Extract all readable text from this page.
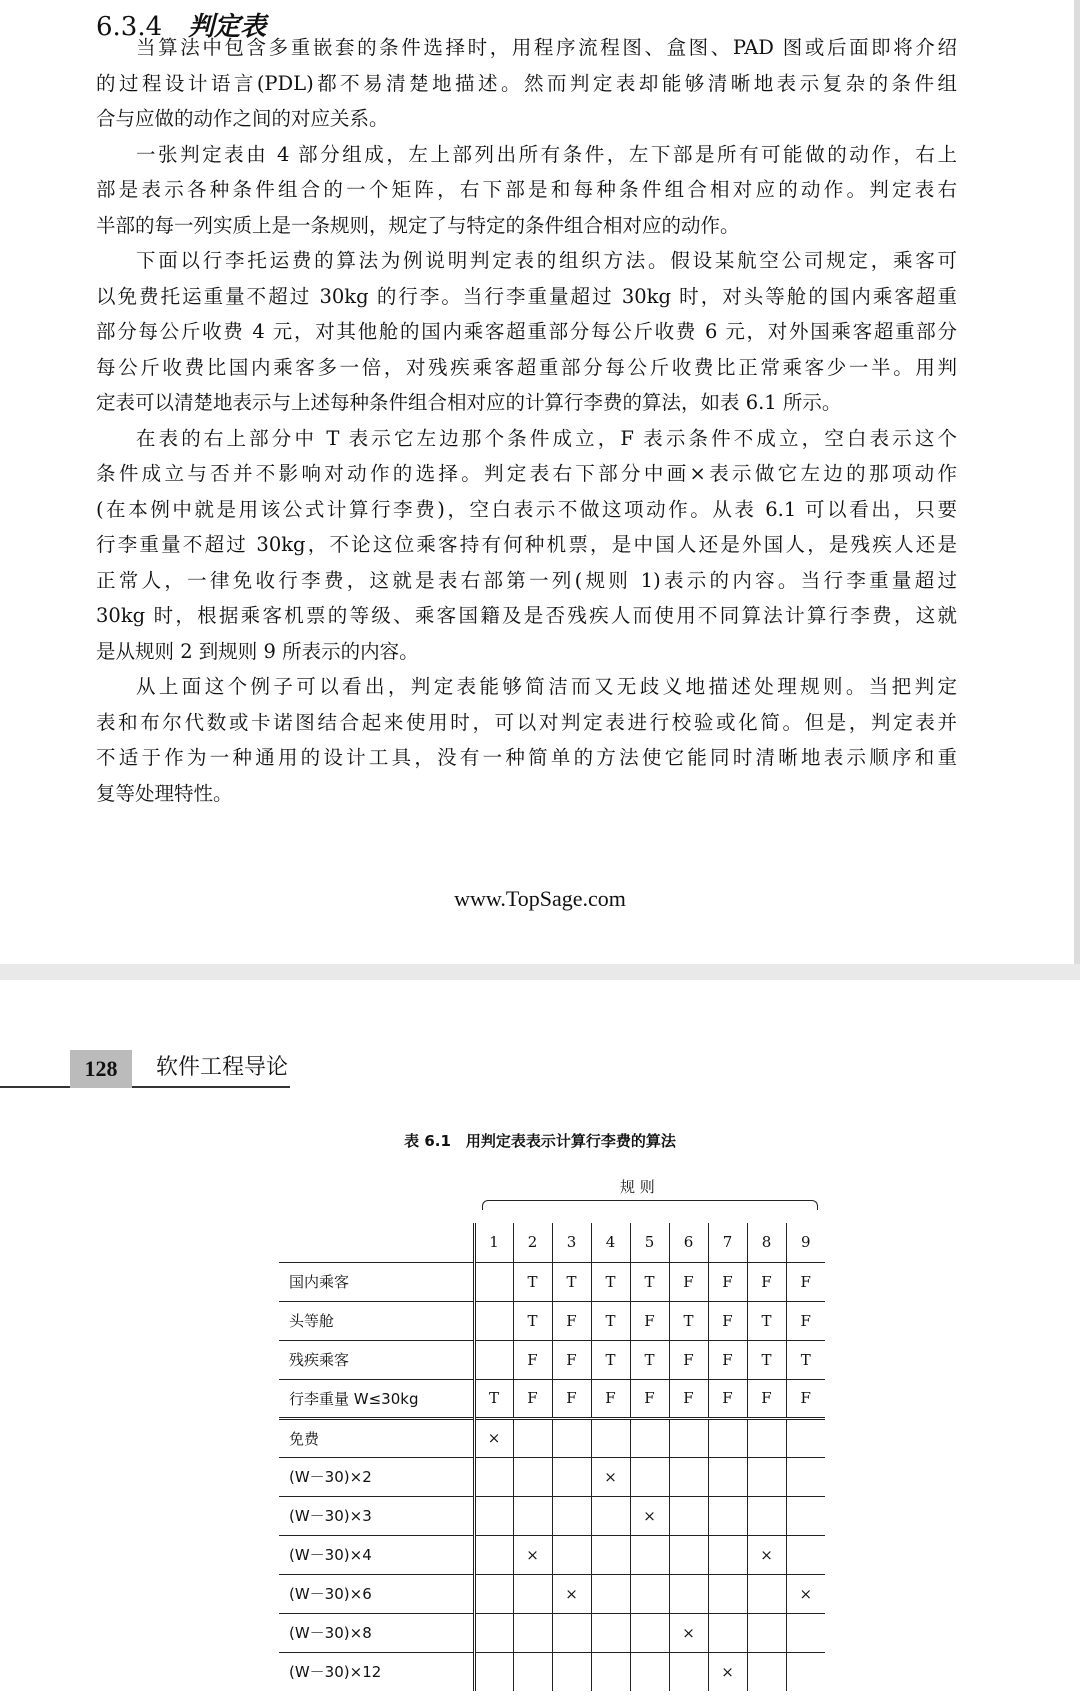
6.3.4 判定表
当算法中包含多重嵌套的条件选择时，用程序流程图、盒图、PAD 图或后面即将介绍
的过程设计语言(PDL)都不易清楚地描述。然而判定表却能够清晰地表示复杂的条件组
合与应做的动作之间的对应关系。
一张判定表由 4 部分组成，左上部列出所有条件，左下部是所有可能做的动作，右上
部是表示各种条件组合的一个矩阵，右下部是和每种条件组合相对应的动作。判定表右
半部的每一列实质上是一条规则，规定了与特定的条件组合相对应的动作。
下面以行李托运费的算法为例说明判定表的组织方法。假设某航空公司规定，乘客可
以免费托运重量不超过 30kg 的行李。当行李重量超过 30kg 时，对头等舱的国内乘客超重
部分每公斤收费 4 元，对其他舱的国内乘客超重部分每公斤收费 6 元，对外国乘客超重部分
每公斤收费比国内乘客多一倍，对残疾乘客超重部分每公斤收费比正常乘客少一半。用判
定表可以清楚地表示与上述每种条件组合相对应的计算行李费的算法，如表 6.1 所示。
在表的右上部分中 T 表示它左边那个条件成立，F 表示条件不成立，空白表示这个
条件成立与否并不影响对动作的选择。判定表右下部分中画×表示做它左边的那项动作
(在本例中就是用该公式计算行李费)，空白表示不做这项动作。从表 6.1 可以看出，只要
行李重量不超过 30kg，不论这位乘客持有何种机票，是中国人还是外国人，是残疾人还是
正常人，一律免收行李费，这就是表右部第一列(规则 1)表示的内容。当行李重量超过
30kg 时，根据乘客机票的等级、乘客国籍及是否残疾人而使用不同算法计算行李费，这就
是从规则 2 到规则 9 所表示的内容。
从上面这个例子可以看出，判定表能够简洁而又无歧义地描述处理规则。当把判定
表和布尔代数或卡诺图结合起来使用时，可以对判定表进行校验或化简。但是，判定表并
不适于作为一种通用的设计工具，没有一种简单的方法使它能同时清晰地表示顺序和重
复等处理特性。
www.TopSage.com
128	软件工程导论
表 6.1　用判定表表示计算行李费的算法
规 则
	1	2	3	4	5	6	7	8	9
国内乘客		T	T	T	T	F	F	F	F
头等舱		T	F	T	F	T	F	T	F
残疾乘客		F	F	T	T	F	F	T	T
行李重量 W≤30kg	T	F	F	F	F	F	F	F	F
免费	×								
(W－30)×2				×					
(W－30)×3					×				
(W－30)×4		×						×	
(W－30)×6			×						×
(W－30)×8						×			
(W－30)×12							×		
